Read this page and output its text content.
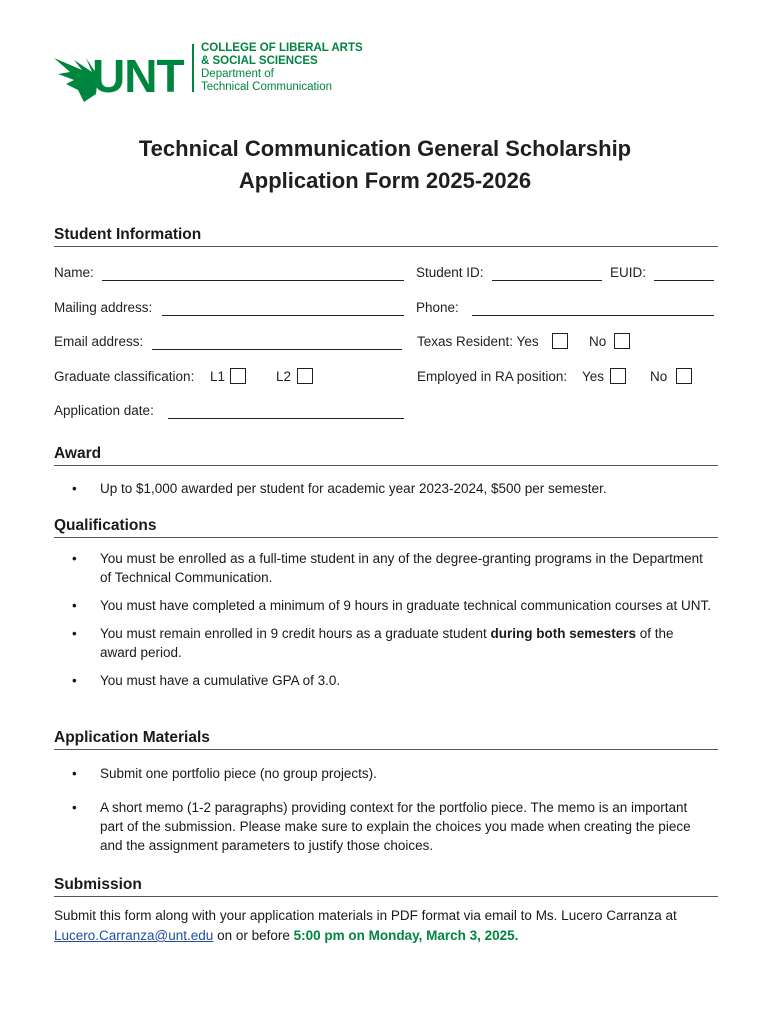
UNT
COLLEGE OF LIBERAL ARTS
& SOCIAL SCIENCES
Department of
Technical Communication
Technical Communication General Scholarship
Application Form 2025-2026
Student Information
Name:	Student ID:	EUID:
Mailing address:	Phone:
Email address:	Texas Resident: Yes	No
Graduate classification: L1	L2	Employed in RA position: Yes	No
Application date:
Award
• Up to $1,000 awarded per student for academic year 2023-2024, $500 per semester.
Qualifications
• You must be enrolled as a full-time student in any of the degree-granting programs in the Department of Technical Communication.
• You must have completed a minimum of 9 hours in graduate technical communication courses at UNT.
• You must remain enrolled in 9 credit hours as a graduate student during both semesters of the award period.
• You must have a cumulative GPA of 3.0.
Application Materials
• Submit one portfolio piece (no group projects).
• A short memo (1-2 paragraphs) providing context for the portfolio piece. The memo is an important part of the submission. Please make sure to explain the choices you made when creating the piece and the assignment parameters to justify those choices.
Submission
Submit this form along with your application materials in PDF format via email to Ms. Lucero Carranza at Lucero.Carranza@unt.edu on or before 5:00 pm on Monday, March 3, 2025.
